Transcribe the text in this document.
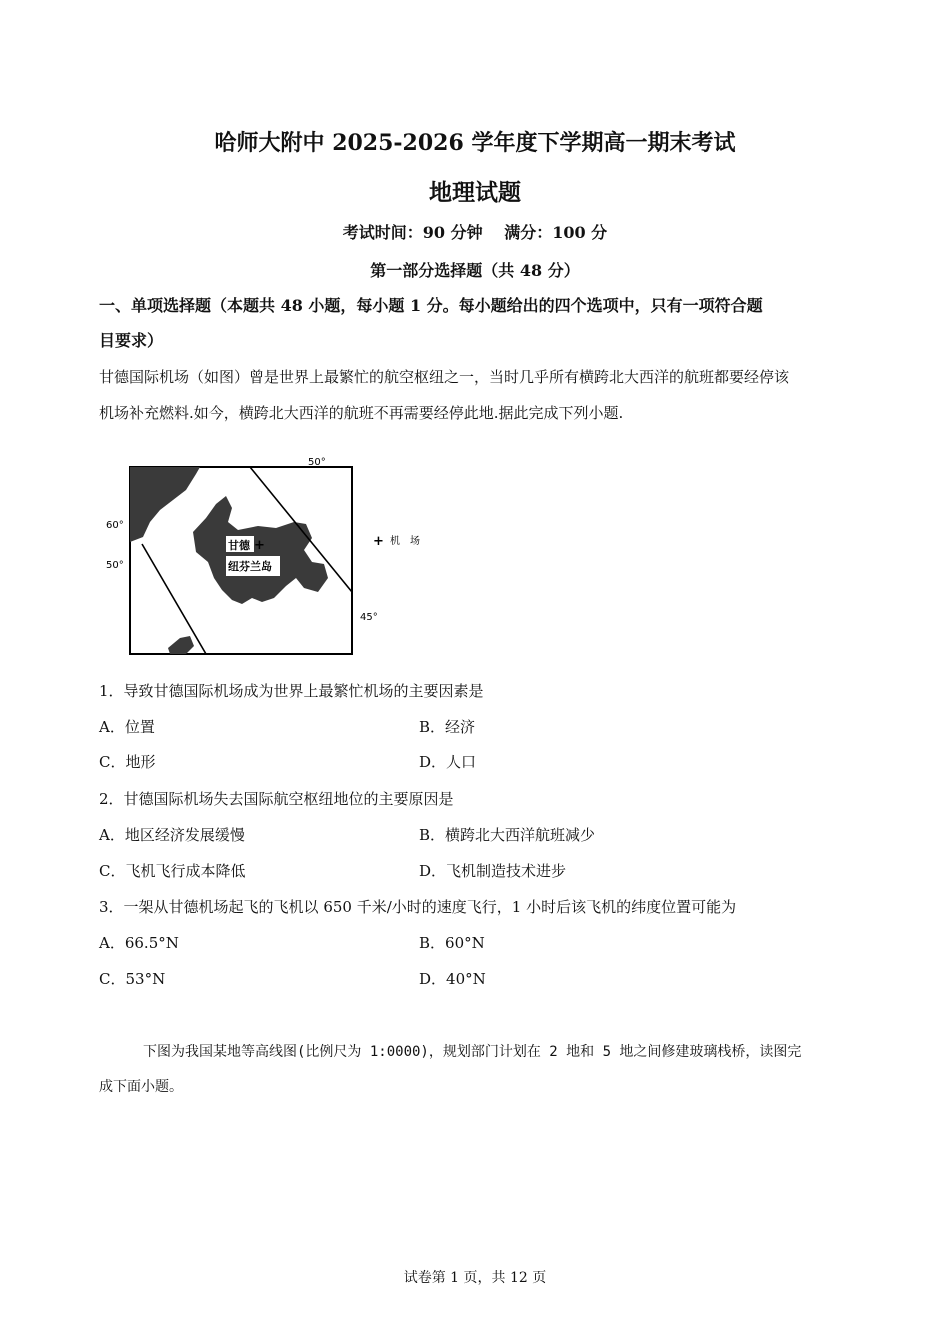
哈师大附中 2025-2026 学年度下学期高一期末考试
地理试题
考试时间：90 分钟　 满分：100 分
第一部分选择题（共 48 分）
一、单项选择题（本题共 48 小题，每小题 1 分。每小题给出的四个选项中，只有一项符合题
目要求）
甘德国际机场（如图）曾是世界上最繁忙的航空枢纽之一，当时几乎所有横跨北大西洋的航班都要经停该
机场补充燃料.如今，横跨北大西洋的航班不再需要经停此地.据此完成下列小题.
50°
60°
50°
45°
甘德 +
纽芬兰岛
+ 机　场
1．导致甘德国际机场成为世界上最繁忙机场的主要因素是
A．位置	B．经济
C．地形	D．人口
2．甘德国际机场失去国际航空枢纽地位的主要原因是
A．地区经济发展缓慢	B．横跨北大西洋航班减少
C．飞机飞行成本降低	D．飞机制造技术进步
3．一架从甘德机场起飞的飞机以 650 千米/小时的速度飞行，1 小时后该飞机的纬度位置可能为
A．66.5°N	B．60°N
C．53°N	D．40°N
下图为我国某地等高线图(比例尺为 1:0000)，规划部门计划在 2 地和 5 地之间修建玻璃栈桥，读图完
成下面小题。
试卷第 1 页，共 12 页
